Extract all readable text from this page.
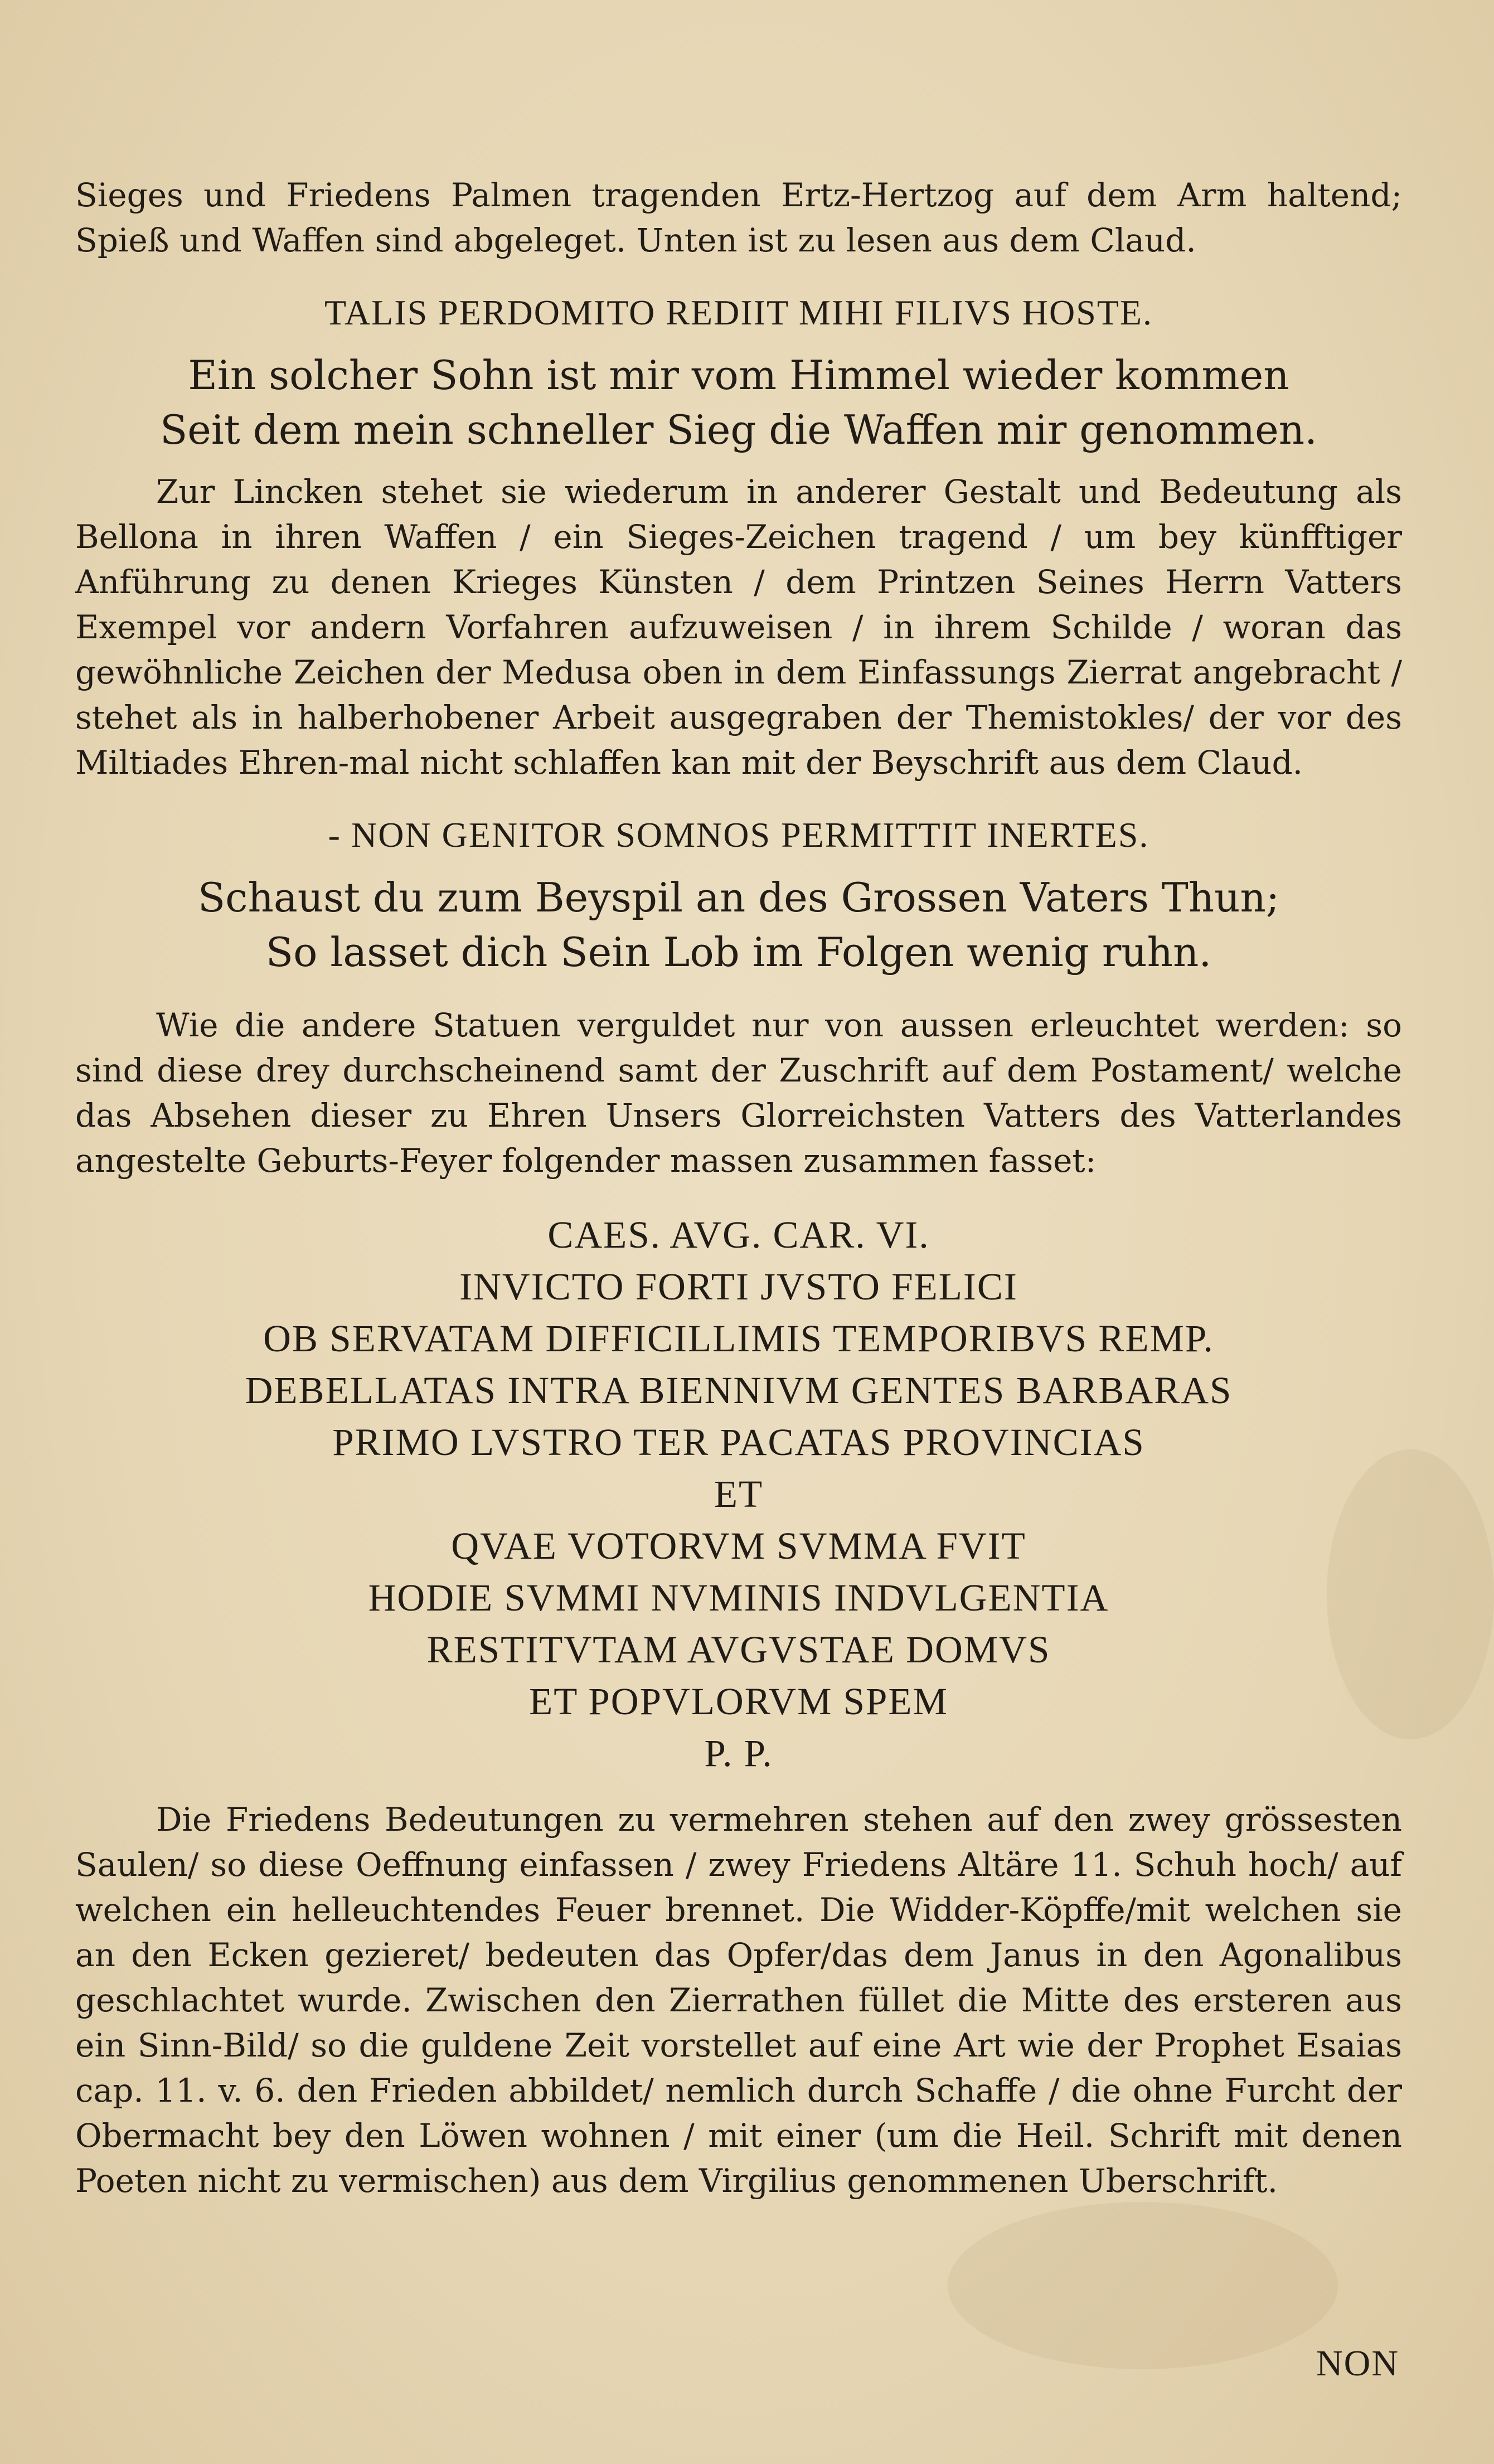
Sieges und Friedens Palmen tragenden Ertz-Hertzog auf dem Arm haltend; Spieß und Waffen sind abgeleget. Unten ist zu lesen aus dem Claud.

TALIS PERDOMITO REDIIT MIHI FILIVS HOSTE.

Ein solcher Sohn ist mir vom Himmel wieder kommen
Seit dem mein schneller Sieg die Waffen mir genommen.

Zur Lincken stehet sie wiederum in anderer Gestalt und Bedeutung als Bellona in ihren Waffen / ein Sieges-Zeichen tragend / um bey künfftiger Anführung zu denen Krieges Künsten / dem Printzen Seines Herrn Vatters Exempel vor andern Vorfahren aufzuweisen / in ihrem Schilde / woran das gewöhnliche Zeichen der Medusa oben in dem Einfassungs Zierrat angebracht / stehet als in halberhobener Arbeit ausgegraben der Themistokles/ der vor des Miltiades Ehren-mal nicht schlaffen kan mit der Beyschrift aus dem Claud.

- NON GENITOR SOMNOS PERMITTIT INERTES.

Schaust du zum Beyspil an des Grossen Vaters Thun;
So lasset dich Sein Lob im Folgen wenig ruhn.

Wie die andere Statuen verguldet nur von aussen erleuchtet werden: so sind diese drey durchscheinend samt der Zuschrift auf dem Postament/ welche das Absehen dieser zu Ehren Unsers Glorreichsten Vatters des Vatterlandes angestelte Geburts-Feyer folgender massen zusammen fasset:

CAES. AVG. CAR. VI.
INVICTO FORTI JVSTO FELICI
OB SERVATAM DIFFICILLIMIS TEMPORIBVS REMP.
DEBELLATAS INTRA BIENNIVM GENTES BARBARAS
PRIMO LVSTRO TER PACATAS PROVINCIAS
ET
QVAE VOTORVM SVMMA FVIT
HODIE SVMMI NVMINIS INDVLGENTIA
RESTITVTAM AVGVSTAE DOMVS
ET POPVLORVM SPEM
P. P.

Die Friedens Bedeutungen zu vermehren stehen auf den zwey grössesten Saulen/ so diese Oeffnung einfassen / zwey Friedens Altäre 11. Schuh hoch/ auf welchen ein helleuchtendes Feuer brennet. Die Widder-Köpffe/mit welchen sie an den Ecken gezieret/ bedeuten das Opfer/das dem Janus in den Agonalibus geschlachtet wurde. Zwischen den Zierrathen füllet die Mitte des ersteren aus ein Sinn-Bild/ so die guldene Zeit vorstellet auf eine Art wie der Prophet Esaias cap. 11. v. 6. den Frieden abbildet/ nemlich durch Schaffe / die ohne Furcht der Obermacht bey den Löwen wohnen / mit einer (um die Heil. Schrift mit denen Poeten nicht zu vermischen) aus dem Virgilius genommenen Uberschrift.

NON
